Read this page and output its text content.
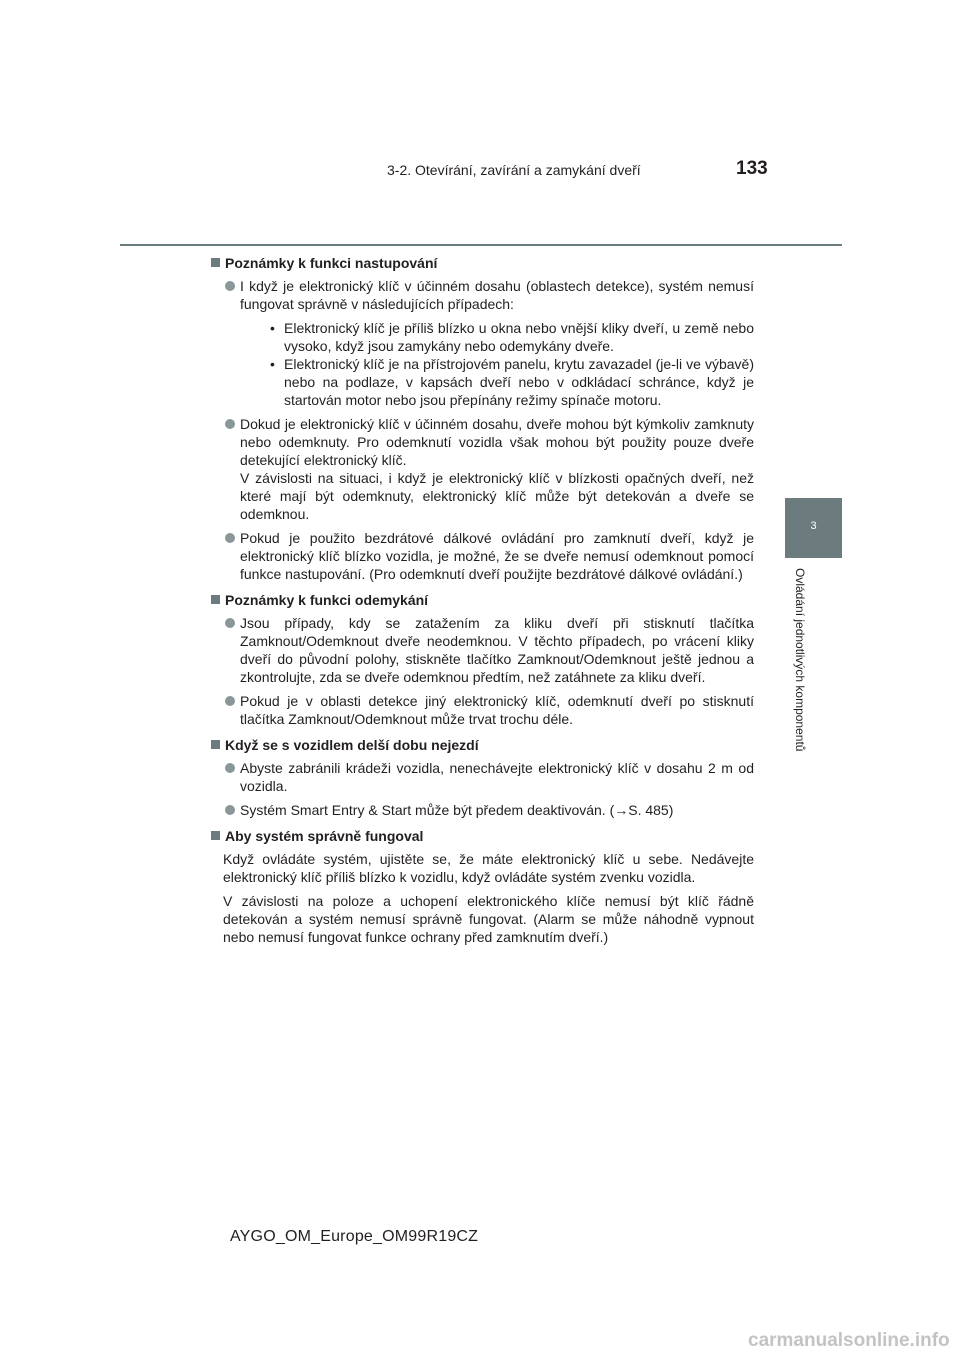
3-2. Otevírání, zavírání a zamykání dveří	133
3
Ovládání jednotlivých komponentů
Poznámky k funkci nastupování
I když je elektronický klíč v účinném dosahu (oblastech detekce), systém nemusí fungovat správně v následujících případech:
• Elektronický klíč je příliš blízko u okna nebo vnější kliky dveří, u země nebo vysoko, když jsou zamykány nebo odemykány dveře.
• Elektronický klíč je na přístrojovém panelu, krytu zavazadel (je-li ve výbavě) nebo na podlaze, v kapsách dveří nebo v odkládací schránce, když je startován motor nebo jsou přepínány režimy spínače motoru.
Dokud je elektronický klíč v účinném dosahu, dveře mohou být kýmkoliv zamknuty nebo odemknuty. Pro odemknutí vozidla však mohou být použity pouze dveře detekující elektronický klíč.
V závislosti na situaci, i když je elektronický klíč v blízkosti opačných dveří, než které mají být odemknuty, elektronický klíč může být detekován a dveře se odemknou.
Pokud je použito bezdrátové dálkové ovládání pro zamknutí dveří, když je elektronický klíč blízko vozidla, je možné, že se dveře nemusí odemknout pomocí funkce nastupování. (Pro odemknutí dveří použijte bezdrátové dálkové ovládání.)
Poznámky k funkci odemykání
Jsou případy, kdy se zatažením za kliku dveří při stisknutí tlačítka Zamknout/Odemknout dveře neodemknou. V těchto případech, po vrácení kliky dveří do původní polohy, stiskněte tlačítko Zamknout/Odemknout ještě jednou a zkontrolujte, zda se dveře odemknou předtím, než zatáhnete za kliku dveří.
Pokud je v oblasti detekce jiný elektronický klíč, odemknutí dveří po stisknutí tlačítka Zamknout/Odemknout může trvat trochu déle.
Když se s vozidlem delší dobu nejezdí
Abyste zabránili krádeži vozidla, nenechávejte elektronický klíč v dosahu 2 m od vozidla.
Systém Smart Entry & Start může být předem deaktivován. (→S. 485)
Aby systém správně fungoval
Když ovládáte systém, ujistěte se, že máte elektronický klíč u sebe. Nedávejte elektronický klíč příliš blízko k vozidlu, když ovládáte systém zvenku vozidla.
V závislosti na poloze a uchopení elektronického klíče nemusí být klíč řádně detekován a systém nemusí správně fungovat. (Alarm se může náhodně vypnout nebo nemusí fungovat funkce ochrany před zamknutím dveří.)
AYGO_OM_Europe_OM99R19CZ
carmanualsonline.info
